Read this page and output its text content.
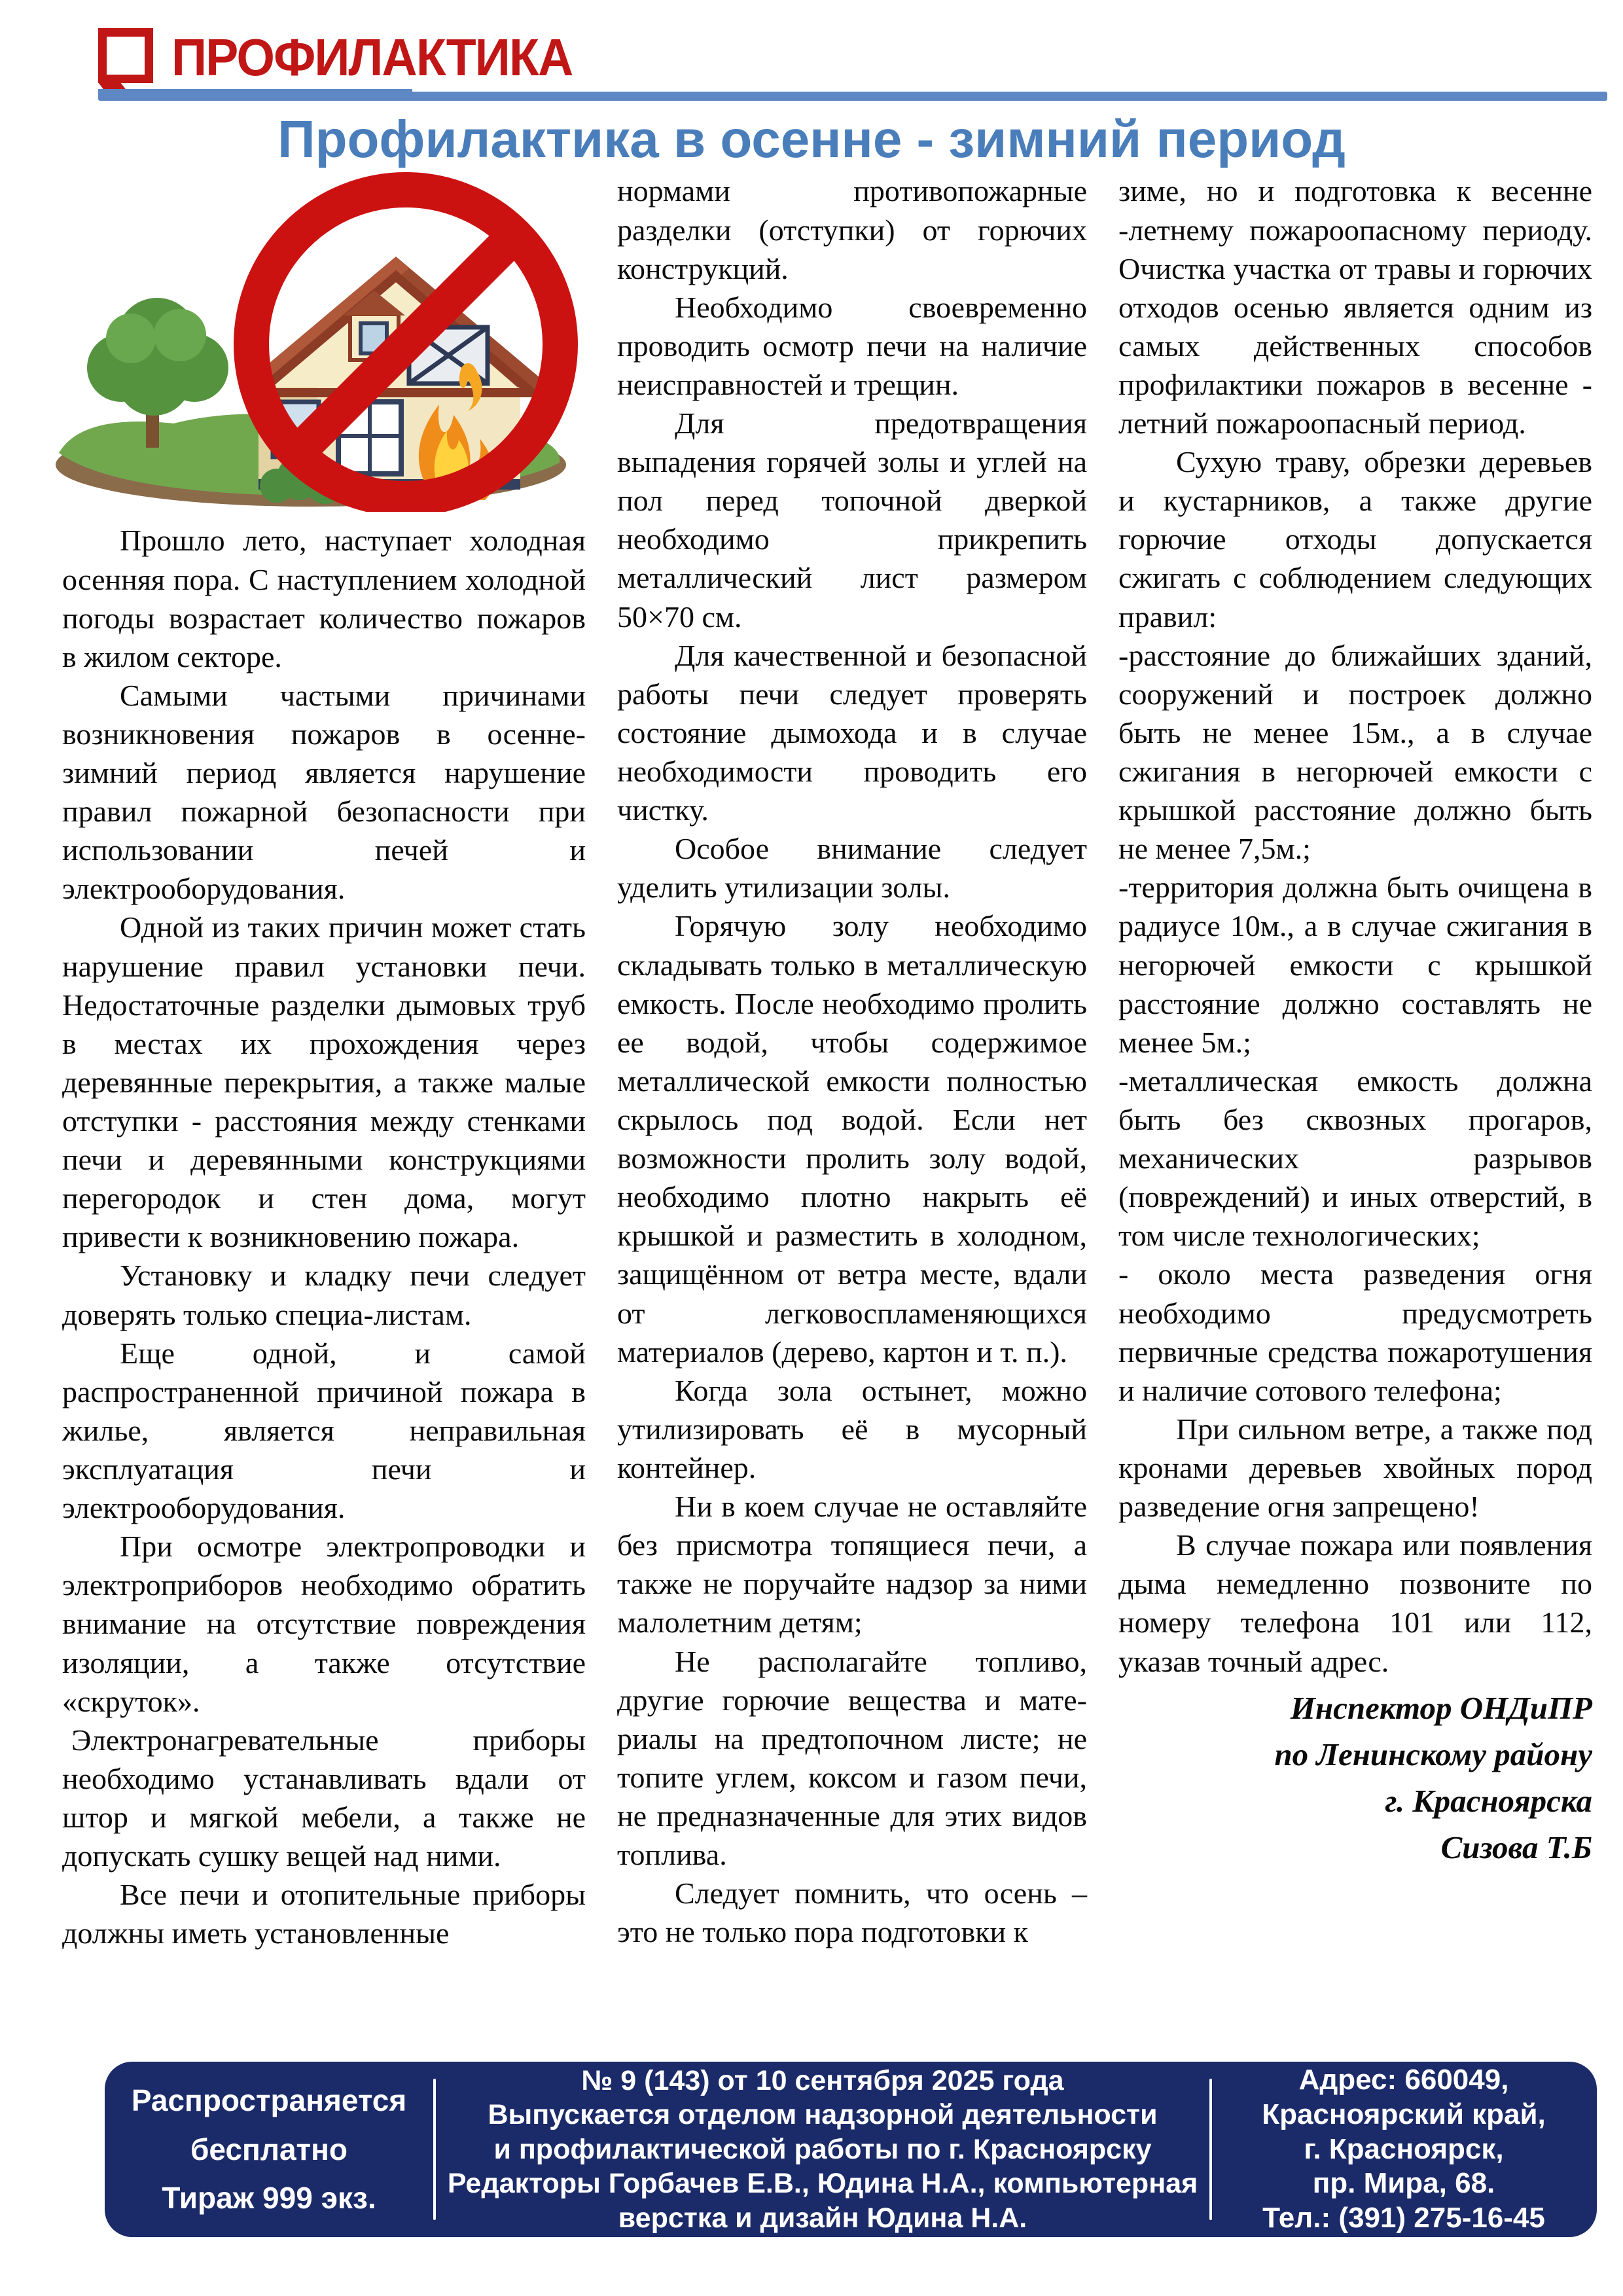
ПРОФИЛАКТИКА
Профилактика в осенне - зимний период

Прошло лето, наступает холодная осенняя пора. С наступлением холодной погоды возрастает количество пожаров в жилом секторе.

Самыми частыми причинами возникновения пожаров в осенне-зимний период является нарушение правил пожарной безопасности при использовании печей и электрооборудования.

Одной из таких причин может стать нарушение правил установки печи. Недостаточные разделки дымовых труб в местах их прохождения через деревянные перекрытия, а также малые отступки - расстояния между стенками печи и деревянными конструкциями перегородок и стен дома, могут привести к возникновению пожара.

Установку и кладку печи следует доверять только специа-листам.

Еще одной, и самой распространенной причиной пожара в жилье, является неправильная эксплуатация печи и электрооборудования.

При осмотре электропроводки и электроприборов необходимо обратить внимание на отсутствие повреждения изоляции, а также отсутствие «скруток».

Электронагревательные приборы необходимо устанавливать вдали от штор и мягкой мебели, а также не допускать сушку вещей над ними.

Все печи и отопительные приборы должны иметь установленные

нормами противопожарные разделки (отступки) от горючих конструкций.

Необходимо своевременно проводить осмотр печи на наличие неисправностей и трещин.

Для предотвращения выпадения горячей золы и углей на пол перед топочной дверкой необходимо прикрепить металлический лист размером 50×70 см.

Для качественной и безопасной работы печи следует проверять состояние дымохода и в случае необходимости проводить его чистку.

Особое внимание следует уделить утилизации золы.

Горячую золу необходимо складывать только в металлическую емкость. После необходимо пролить ее водой, чтобы содержимое металлической емкости полностью скрылось под водой. Если нет возможности пролить золу водой, необходимо плотно накрыть её крышкой и разместить в холодном, защищённом от ветра месте, вдали от легковоспламеняющихся материалов (дерево, картон и т. п.).

Когда зола остынет, можно утилизировать её в мусорный контейнер.

Ни в коем случае не оставляйте без присмотра топящиеся печи, а также не поручайте надзор за ними малолетним детям;

Не располагайте топливо, другие горючие вещества и мате-риалы на предтопочном листе; не топите углем, коксом и газом печи, не предназначенные для этих видов топлива.

Следует помнить, что осень – это не только пора подготовки к

зиме, но и подготовка к весенне -летнему пожароопасному периоду. Очистка участка от травы и горючих отходов осенью является одним из самых действенных способов профилактики пожаров в весенне - летний пожароопасный период.

Сухую траву, обрезки деревьев и кустарников, а также другие горючие отходы допускается сжигать с соблюдением следующих правил:

-расстояние до ближайших зданий, сооружений и построек должно быть не менее 15м., а в случае сжигания в негорючей емкости с крышкой расстояние должно быть не менее 7,5м.;

-территория должна быть очищена в радиусе 10м., а в случае сжигания в негорючей емкости с крышкой расстояние должно составлять не менее 5м.;

-металлическая емкость должна быть без сквозных прогаров, механических разрывов (повреждений) и иных отверстий, в том числе технологических;

- около места разведения огня необходимо предусмотреть первичные средства пожаротушения и наличие сотового телефона;

При сильном ветре, а также под кронами деревьев хвойных пород разведение огня запрещено!

В случае пожара или появления дыма немедленно позвоните по номеру телефона 101 или 112, указав точный адрес.

Инспектор ОНДиПР
по Ленинскому району
г. Красноярска
Сизова Т.Б
Распространяется
бесплатно
Тираж 999 экз.
№ 9 (143) от 10 сентября 2025 года
Выпускается отделом надзорной деятельности
и профилактической работы по г. Красноярску
Редакторы Горбачев Е.В., Юдина Н.А., компьютерная
верстка и дизайн Юдина Н.А.
Адрес: 660049,
Красноярский край,
г. Красноярск,
пр. Мира, 68.
Тел.: (391) 275-16-45
